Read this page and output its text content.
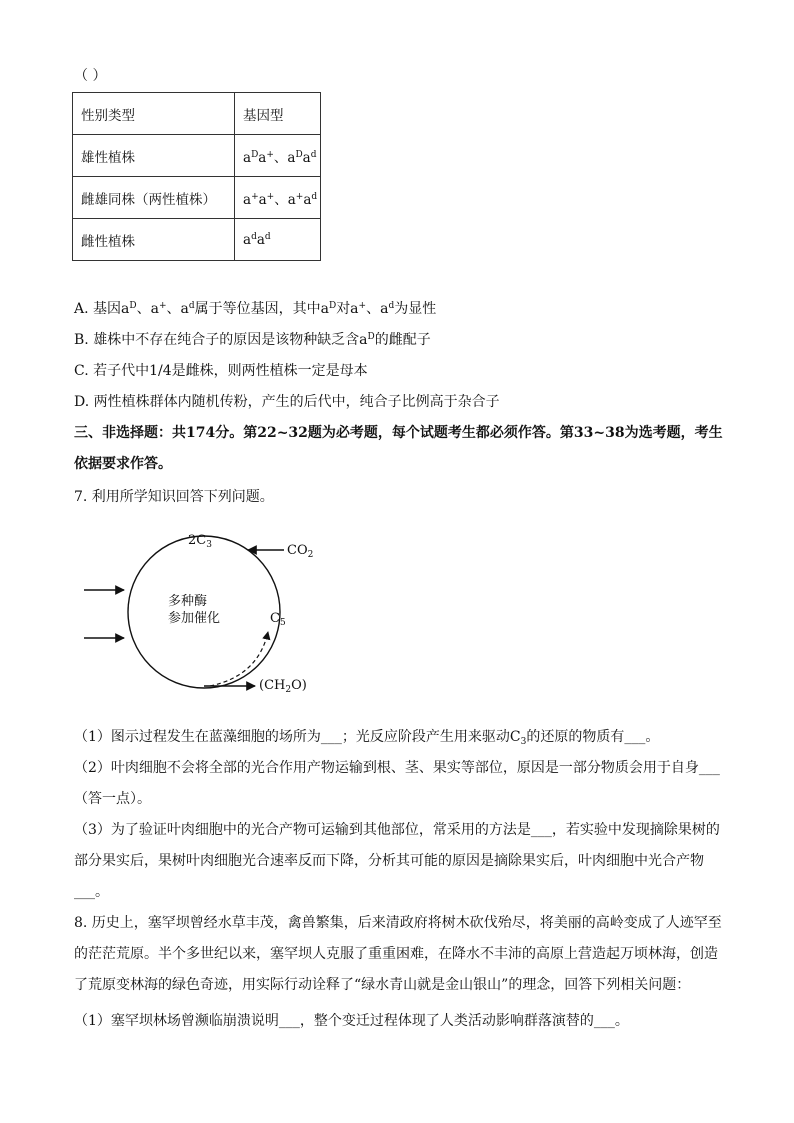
（ ）
性别类型	基因型
雄性植株	$a^Da^+$、$a^Da^d$
雌雄同株（两性植株）	a+a+、$a^+a^d$
雌性植株	$a^da^d$
A. 基因$a^D$、a+、$a^d$属于等位基因，其中$a^D$对a+、$a^d$为显性
B. 雄株中不存在纯合子的原因是该物种缺乏含$a^D$的雌配子
C. 若子代中1/4是雌株，则两性植株一定是母本
D. 两性植株群体内随机传粉，产生的后代中，纯合子比例高于杂合子
三、非选择题：共174分。第22~32题为必考题，每个试题考生都必须作答。第33~38为选考题，考生依据要求作答。
7. 利用所学知识回答下列问题。
$2C_3$	$CO_2$
多种酶
参加催化	$C_5$
$(CH_2O)$
（1）图示过程发生在蓝藻细胞的场所为___；光反应阶段产生用来驱动$C_3$的还原的物质有___。
（2）叶肉细胞不会将全部的光合作用产物运输到根、茎、果实等部位，原因是一部分物质会用于自身___（答一点）。
（3）为了验证叶肉细胞中的光合产物可运输到其他部位，常采用的方法是___，若实验中发现摘除果树的部分果实后，果树叶肉细胞光合速率反而下降，分析其可能的原因是摘除果实后，叶肉细胞中光合产物___。
8. 历史上，塞罕坝曾经水草丰茂，禽兽繁集，后来清政府将树木砍伐殆尽，将美丽的高岭变成了人迹罕至的茫茫荒原。半个多世纪以来，塞罕坝人克服了重重困难，在降水不丰沛的高原上营造起万顷林海，创造了荒原变林海的绿色奇迹，用实际行动诠释了“绿水青山就是金山银山”的理念，回答下列相关问题：
（1）塞罕坝林场曾濒临崩溃说明___，整个变迁过程体现了人类活动影响群落演替的___。
